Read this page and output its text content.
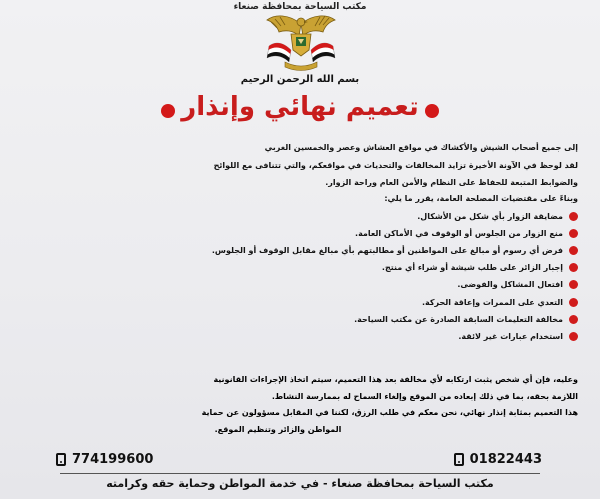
مكتب السياحة بمحافظة صنعاء
بسم الله الرحمن الرحيم
تعميم نهائي وإنذار
إلى جميع أصحاب الشيش والأكشاك في مواقع العشاش وعصر والخمسين الغربي
لقد لوحظ في الآونة الأخيرة تزايد المخالفات والتحديات في مواقعكم، والتي تتنافى مع اللوائح
والضوابط المتبعة للحفاظ على النظام والأمن العام وراحة الزوار.
وبناءً على مقتضيات المصلحة العامة، يقرر ما يلي:
مضايقة الزوار بأي شكل من الأشكال.
منع الزوار من الجلوس أو الوقوف في الأماكن العامة.
فرض أي رسوم أو مبالغ على المواطنين أو مطالبتهم بأي مبالغ مقابل الوقوف أو الجلوس.
إجبار الزائر على طلب شيشة أو شراء أي منتج.
افتعال المشاكل والفوضى.
التعدي على الممرات وإعاقة الحركة.
مخالفة التعليمات السابقة الصادرة عن مكتب السياحة.
استخدام عبارات غير لائقة.
وعليه، فإن أي شخص يثبت ارتكابه لأي مخالفة بعد هذا التعميم، سيتم اتخاذ الإجراءات القانونية
اللازمة بحقه، بما في ذلك إبعاده من الموقع وإلغاء السماح له بممارسة النشاط.
هذا التعميم بمثابة إنذار نهائي، نحن معكم في طلب الرزق، لكننا في المقابل مسؤولون عن حماية
المواطن والزائر وتنظيم الموقع.
774199600	01822443
مكتب السياحة بمحافظة صنعاء - في خدمة المواطن وحماية حقه وكرامته
